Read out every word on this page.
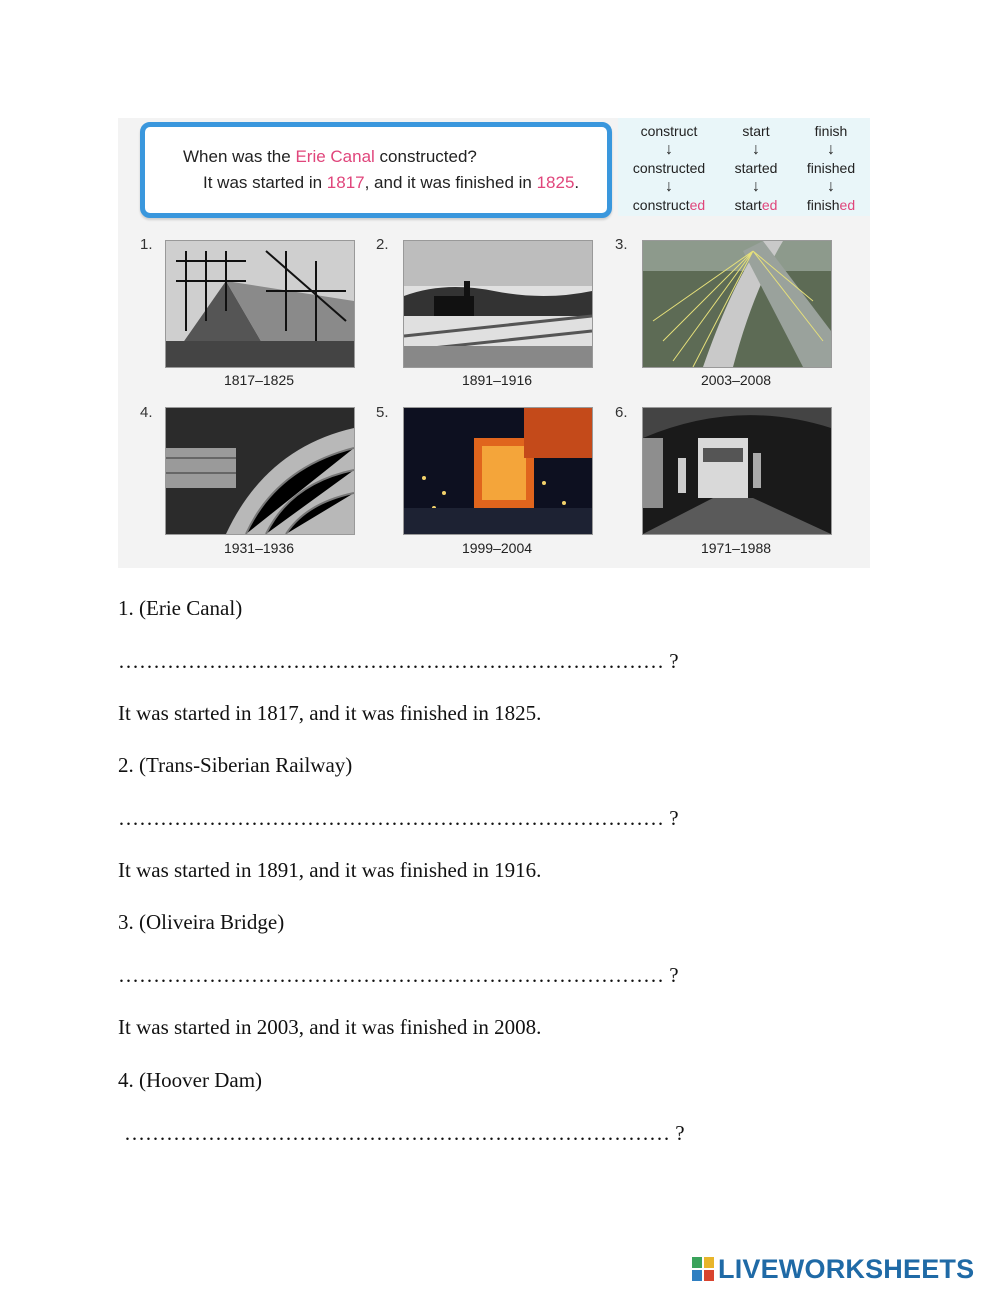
When was the Erie Canal constructed?
It was started in 1817, and it was finished in 1825.
construct
↓
constructed
↓
constructed
start
↓
started
↓
started
finish
↓
finished
↓
finished
1.
1817–1825
2.
1891–1916
3.
2003–2008
4.
1931–1936
5.
1999–2004
6.
1971–1988
1. (Erie Canal)
…………………………………………………………………… ?
It was started in 1817, and it was finished in 1825.
2. (Trans-Siberian Railway)
…………………………………………………………………… ?
It was started in 1891, and it was finished in 1916.
3. (Oliveira Bridge)
…………………………………………………………………… ?
It was started in 2003, and it was finished in 2008.
4. (Hoover Dam)
…………………………………………………………………… ?
LIVEWORKSHEETS
